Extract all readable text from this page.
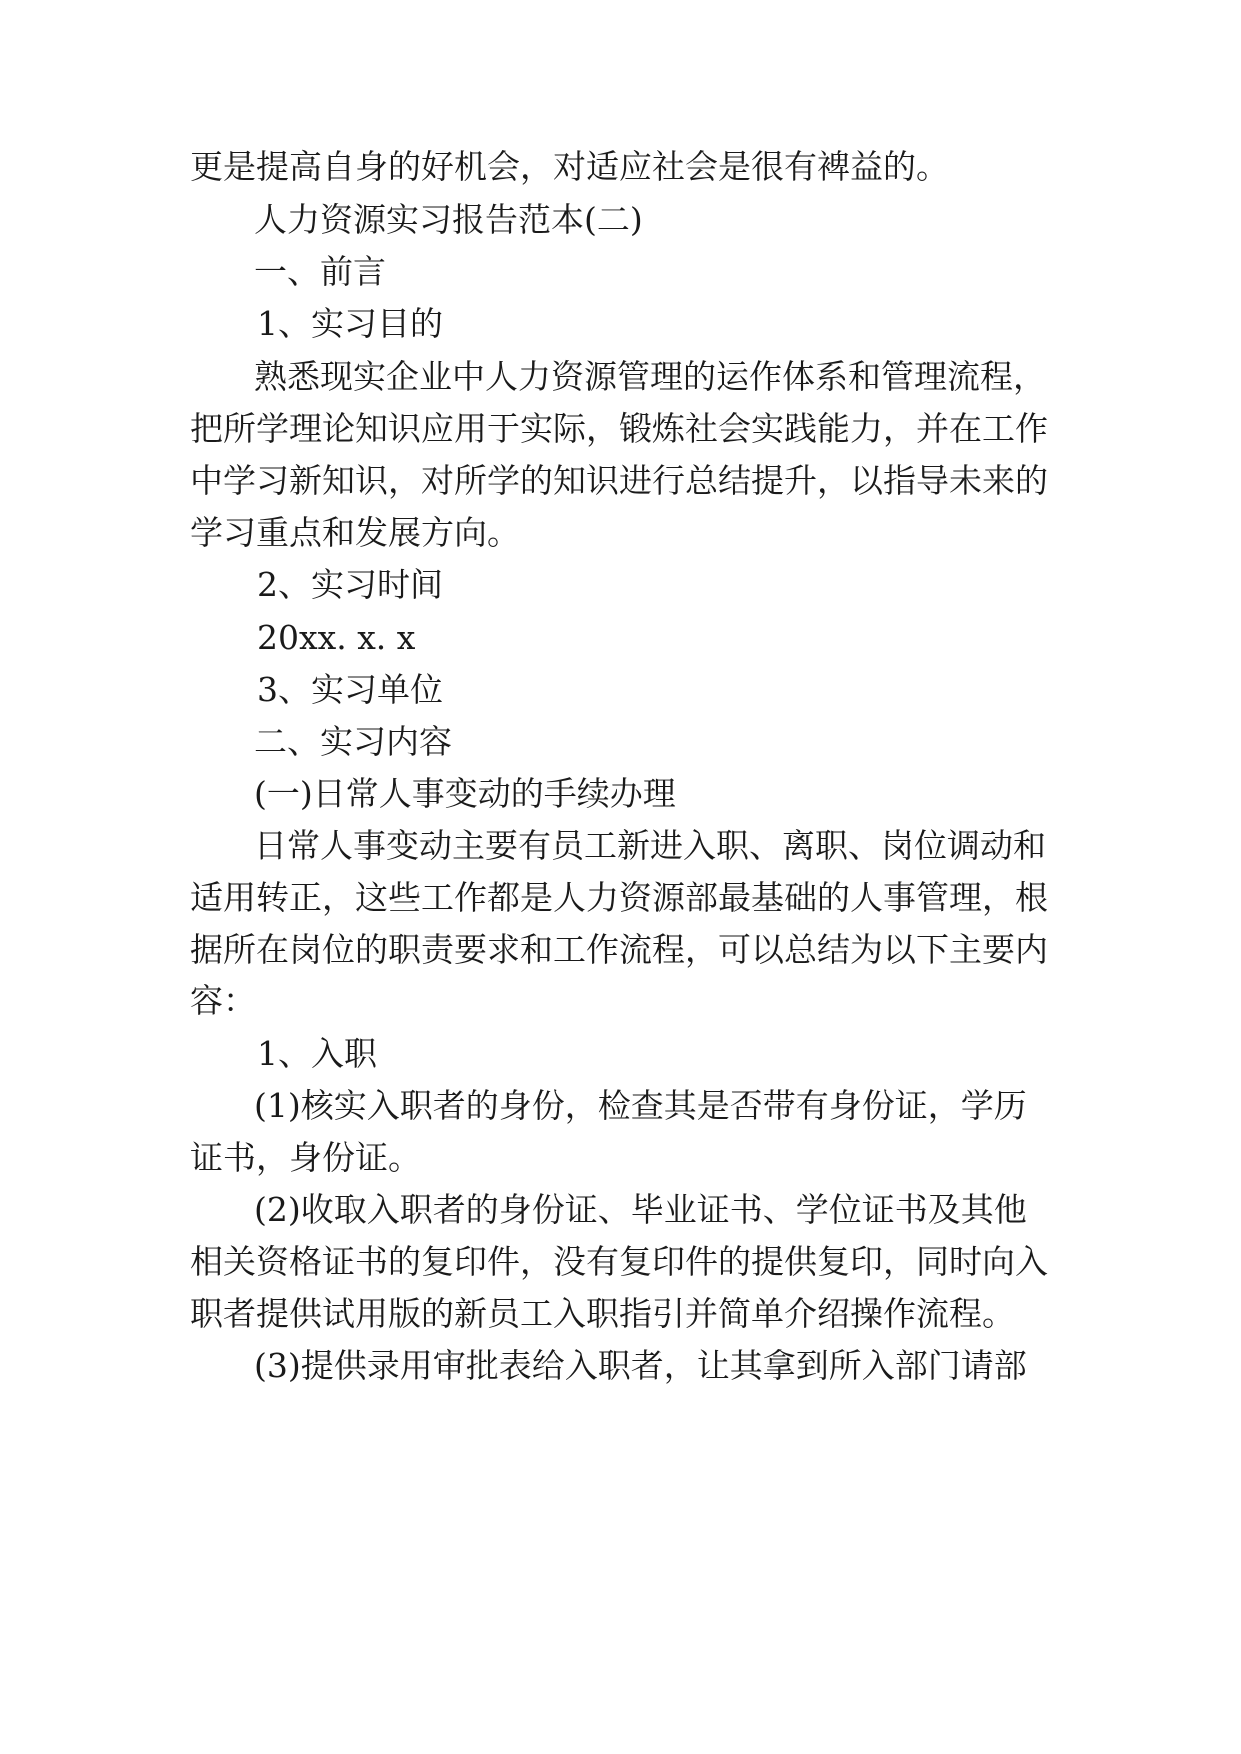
更是提高自身的好机会，对适应社会是很有裨益的。

人力资源实习报告范本(二)

一、前言

1、实习目的

熟悉现实企业中人力资源管理的运作体系和管理流程，

把所学理论知识应用于实际，锻炼社会实践能力，并在工作

中学习新知识，对所学的知识进行总结提升，以指导未来的

学习重点和发展方向。

2、实习时间

20xx. x. x

3、实习单位

二、实习内容

(一)日常人事变动的手续办理

日常人事变动主要有员工新进入职、离职、岗位调动和

适用转正，这些工作都是人力资源部最基础的人事管理，根

据所在岗位的职责要求和工作流程，可以总结为以下主要内

容：

1、入职

(1)核实入职者的身份，检查其是否带有身份证，学历

证书，身份证。

(2)收取入职者的身份证、毕业证书、学位证书及其他

相关资格证书的复印件，没有复印件的提供复印，同时向入

职者提供试用版的新员工入职指引并简单介绍操作流程。

(3)提供录用审批表给入职者，让其拿到所入部门请部
